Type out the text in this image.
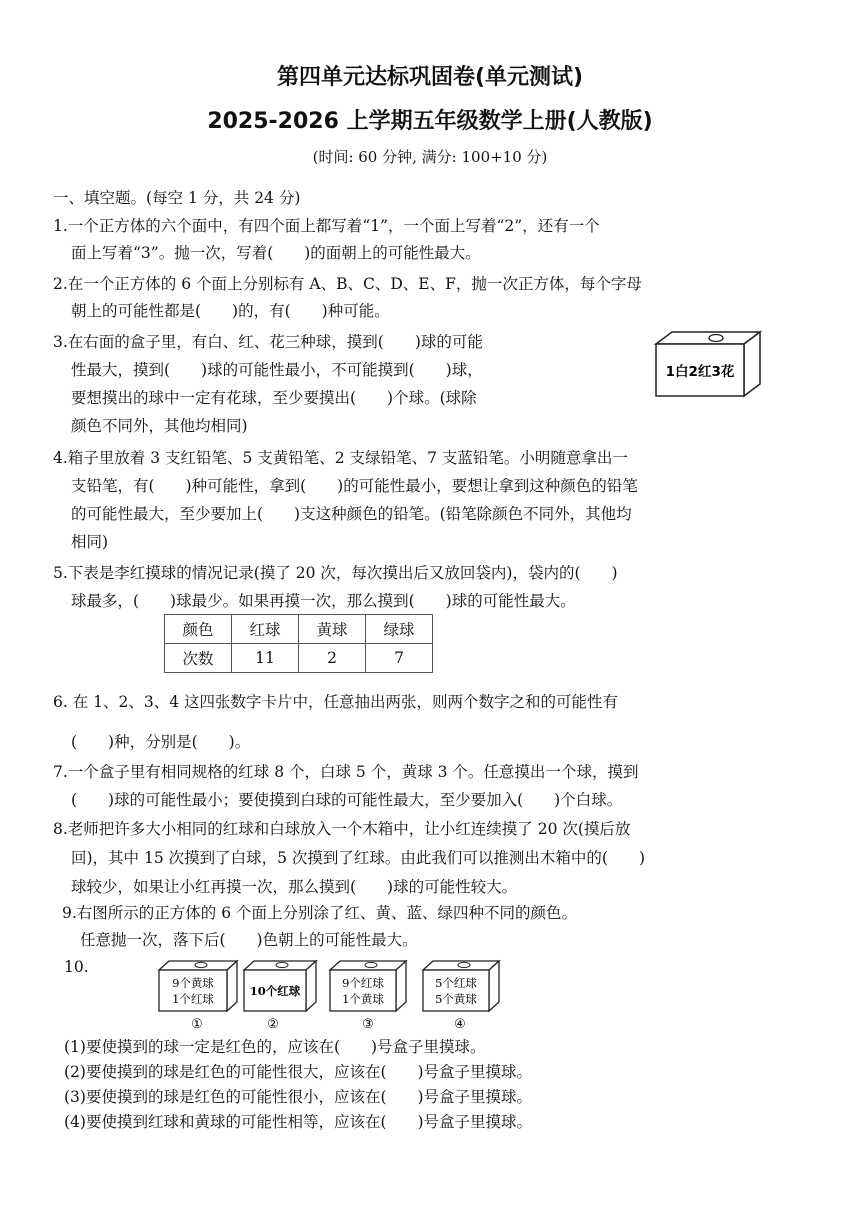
第四单元达标巩固卷(单元测试)
2025-2026 上学期五年级数学上册(人教版)
(时间: 60 分钟, 满分: 100+10 分)
一、填空题。(每空 1 分，共 24 分)
1.一个正方体的六个面中，有四个面上都写着“1”，一个面上写着“2”，还有一个
面上写着“3”。抛一次，写着(　　)的面朝上的可能性最大。
2.在一个正方体的 6 个面上分别标有 A、B、C、D、E、F，抛一次正方体，每个字母
朝上的可能性都是(　　)的，有(　　)种可能。
3.在右面的盒子里，有白、红、花三种球，摸到(　　)球的可能
性最大，摸到(　　)球的可能性最小，不可能摸到(　　)球，
要想摸出的球中一定有花球，至少要摸出(　　)个球。(球除
颜色不同外，其他均相同)
1白2红3花
4.箱子里放着 3 支红铅笔、5 支黄铅笔、2 支绿铅笔、7 支蓝铅笔。小明随意拿出一
支铅笔，有(　　)种可能性，拿到(　　)的可能性最小，要想让拿到这种颜色的铅笔
的可能性最大，至少要加上(　　)支这种颜色的铅笔。(铅笔除颜色不同外，其他均
相同)
5.下表是李红摸球的情况记录(摸了 20 次，每次摸出后又放回袋内)，袋内的(　　)
球最多，(　　)球最少。如果再摸一次，那么摸到(　　)球的可能性最大。
颜色	红球	黄球	绿球
次数	11	2	7
6. 在 1、2、3、4 这四张数字卡片中，任意抽出两张，则两个数字之和的可能性有
(　　)种，分别是(　　)。
7.一个盒子里有相同规格的红球 8 个，白球 5 个，黄球 3 个。任意摸出一个球，摸到
(　　)球的可能性最小；要使摸到白球的可能性最大，至少要加入(　　)个白球。
8.老师把许多大小相同的红球和白球放入一个木箱中，让小红连续摸了 20 次(摸后放
回)，其中 15 次摸到了白球，5 次摸到了红球。由此我们可以推测出木箱中的(　　)
球较少，如果让小红再摸一次，那么摸到(　　)球的可能性较大。
9.右图所示的正方体的 6 个面上分别涂了红、黄、蓝、绿四种不同的颜色。
任意抛一次，落下后(　　)色朝上的可能性最大。
10.
9个黄球
1个红球
①
10个红球
②
9个红球
1个黄球
③
5个红球
5个黄球
④
(1)要使摸到的球一定是红色的，应该在(　　)号盒子里摸球。
(2)要使摸到的球是红色的可能性很大，应该在(　　)号盒子里摸球。
(3)要使摸到的球是红色的可能性很小，应该在(　　)号盒子里摸球。
(4)要使摸到红球和黄球的可能性相等，应该在(　　)号盒子里摸球。
